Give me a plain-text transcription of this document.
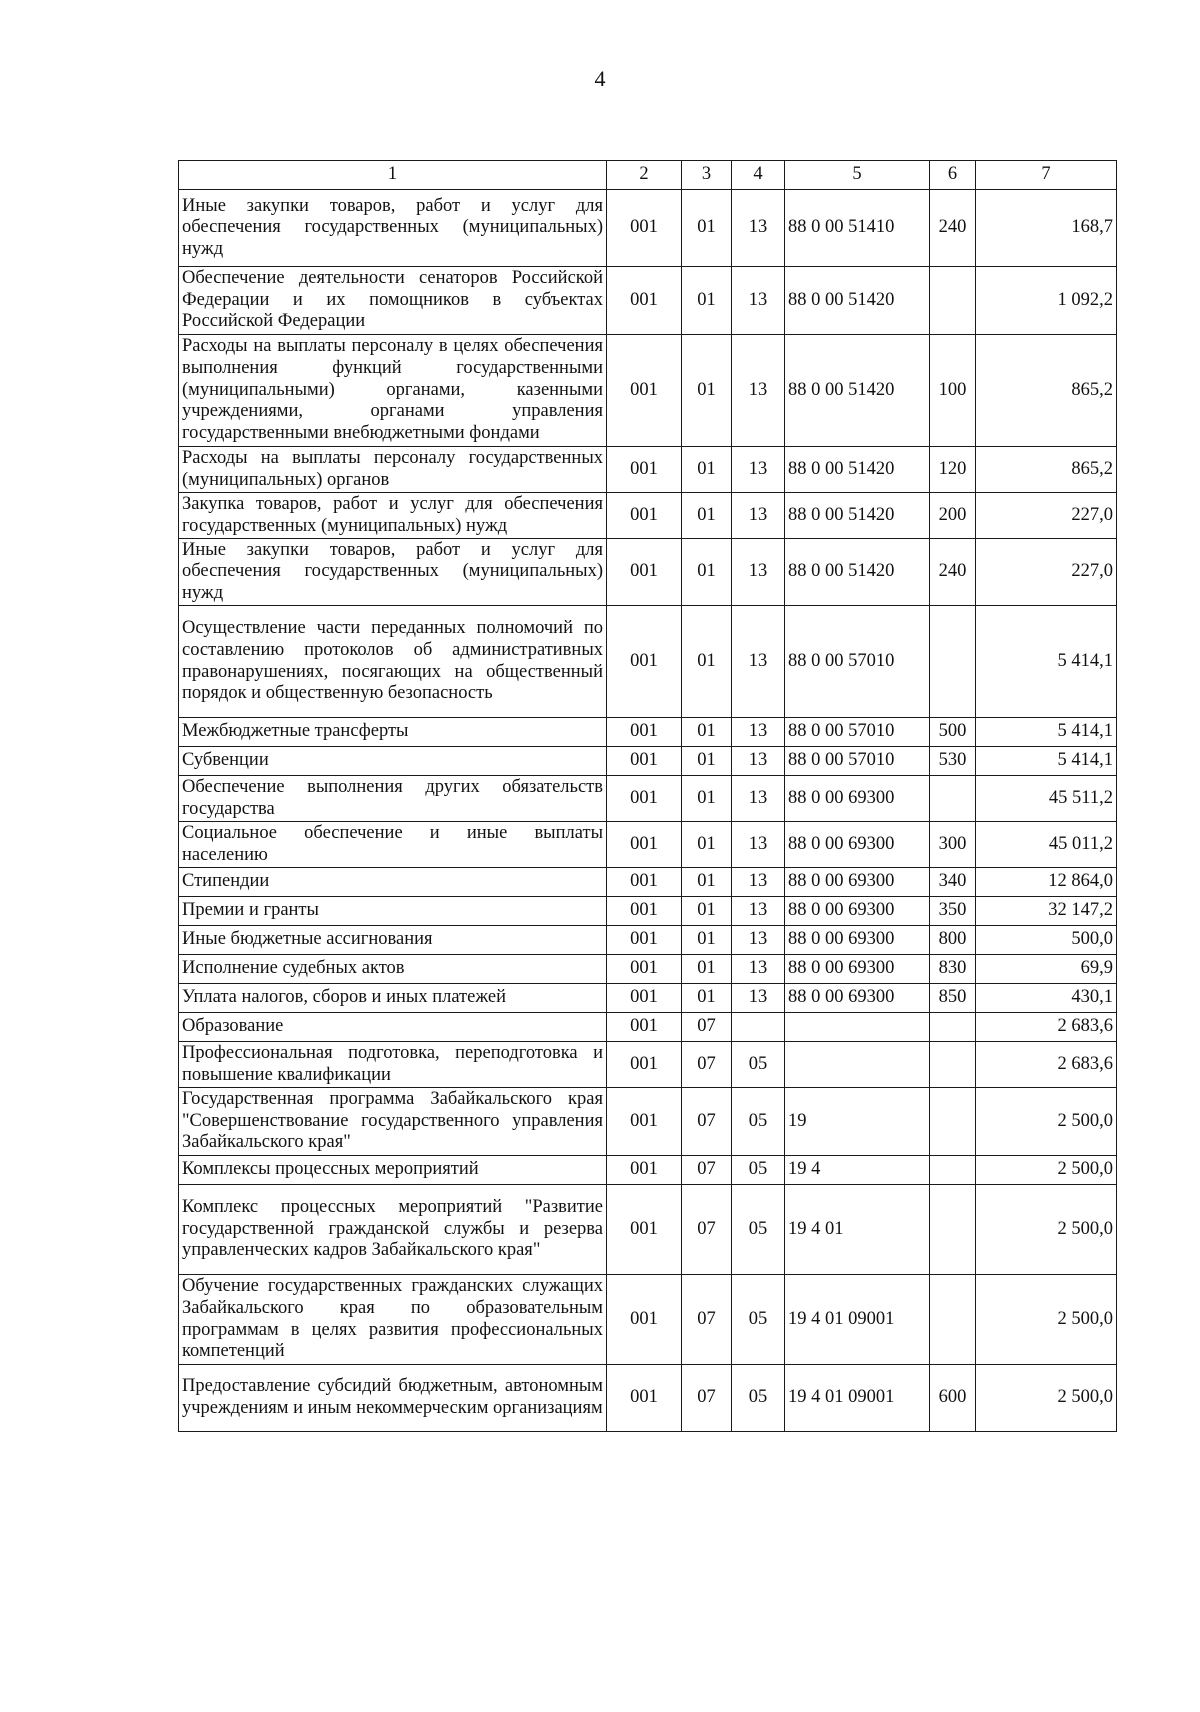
4
1	2	3	4	5	6	7
Иные закупки товаров, работ и услуг для обеспечения государственных (муниципальных) нужд	001	01	13	88 0 00 51410	240	168,7
Обеспечение деятельности сенаторов Российской Федерации и их помощников в субъектах Российской Федерации	001	01	13	88 0 00 51420		1 092,2
Расходы на выплаты персоналу в целях обеспечения выполнения функций государственными (муниципальными) органами, казенными учреждениями, органами управления государственными внебюджетными фондами	001	01	13	88 0 00 51420	100	865,2
Расходы на выплаты персоналу государственных (муниципальных) органов	001	01	13	88 0 00 51420	120	865,2
Закупка товаров, работ и услуг для обеспечения государственных (муниципальных) нужд	001	01	13	88 0 00 51420	200	227,0
Иные закупки товаров, работ и услуг для обеспечения государственных (муниципальных) нужд	001	01	13	88 0 00 51420	240	227,0
Осуществление части переданных полномочий по составлению протоколов об административных правонарушениях, посягающих на общественный порядок и общественную безопасность	001	01	13	88 0 00 57010		5 414,1
Межбюджетные трансферты	001	01	13	88 0 00 57010	500	5 414,1
Субвенции	001	01	13	88 0 00 57010	530	5 414,1
Обеспечение выполнения других обязательств государства	001	01	13	88 0 00 69300		45 511,2
Социальное обеспечение и иные выплаты населению	001	01	13	88 0 00 69300	300	45 011,2
Стипендии	001	01	13	88 0 00 69300	340	12 864,0
Премии и гранты	001	01	13	88 0 00 69300	350	32 147,2
Иные бюджетные ассигнования	001	01	13	88 0 00 69300	800	500,0
Исполнение судебных актов	001	01	13	88 0 00 69300	830	69,9
Уплата налогов, сборов и иных платежей	001	01	13	88 0 00 69300	850	430,1
Образование	001	07				2 683,6
Профессиональная подготовка, переподготовка и повышение квалификации	001	07	05			2 683,6
Государственная программа Забайкальского края "Совершенствование государственного управления Забайкальского края"	001	07	05	19		2 500,0
Комплексы процессных мероприятий	001	07	05	19 4		2 500,0
Комплекс процессных мероприятий "Развитие государственной гражданской службы и резерва управленческих кадров Забайкальского края"	001	07	05	19 4 01		2 500,0
Обучение государственных гражданских служащих Забайкальского края по образовательным программам в целях развития профессиональных компетенций	001	07	05	19 4 01 09001		2 500,0
Предоставление субсидий бюджетным, автономным учреждениям и иным некоммерческим организациям	001	07	05	19 4 01 09001	600	2 500,0
